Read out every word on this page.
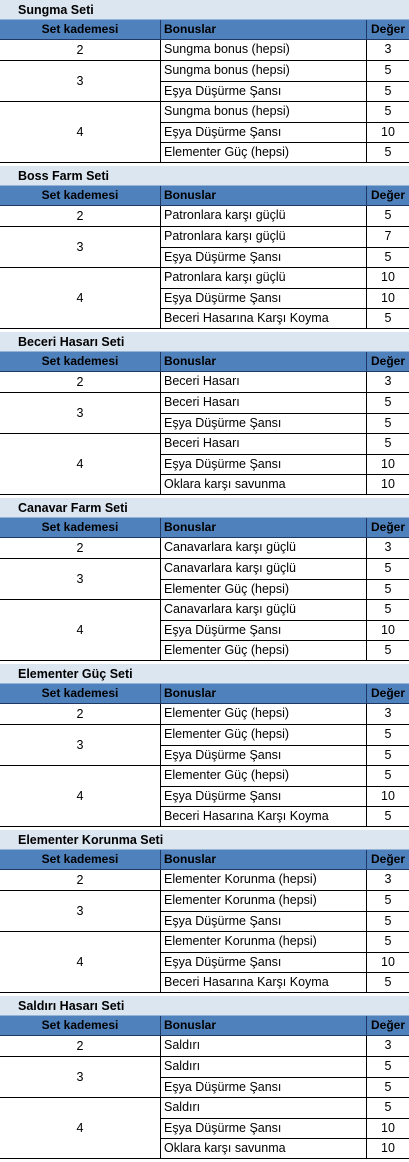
Sungma Seti
Set kademesi	Bonuslar	Değer
2	Sungma bonus (hepsi)	3
3
Sungma bonus (hepsi)	5
Eşya Düşürme Şansı	5
4
Sungma bonus (hepsi)	5
Eşya Düşürme Şansı	10
Elementer Güç (hepsi)	5
Boss Farm Seti
Set kademesi	Bonuslar	Değer
2	Patronlara karşı güçlü	5
3
Patronlara karşı güçlü	7
Eşya Düşürme Şansı	5
4
Patronlara karşı güçlü	10
Eşya Düşürme Şansı	10
Beceri Hasarına Karşı Koyma	5
Beceri Hasarı Seti
Set kademesi	Bonuslar	Değer
2	Beceri Hasarı	3
3
Beceri Hasarı	5
Eşya Düşürme Şansı	5
4
Beceri Hasarı	5
Eşya Düşürme Şansı	10
Oklara karşı savunma	10
Canavar Farm Seti
Set kademesi	Bonuslar	Değer
2	Canavarlara karşı güçlü	3
3
Canavarlara karşı güçlü	5
Elementer Güç (hepsi)	5
4
Canavarlara karşı güçlü	5
Eşya Düşürme Şansı	10
Elementer Güç (hepsi)	5
Elementer Güç Seti
Set kademesi	Bonuslar	Değer
2	Elementer Güç (hepsi)	3
3
Elementer Güç (hepsi)	5
Eşya Düşürme Şansı	5
4
Elementer Güç (hepsi)	5
Eşya Düşürme Şansı	10
Beceri Hasarına Karşı Koyma	5
Elementer Korunma Seti
Set kademesi	Bonuslar	Değer
2	Elementer Korunma (hepsi)	3
3
Elementer Korunma (hepsi)	5
Eşya Düşürme Şansı	5
4
Elementer Korunma (hepsi)	5
Eşya Düşürme Şansı	10
Beceri Hasarına Karşı Koyma	5
Saldırı Hasarı Seti
Set kademesi	Bonuslar	Değer
2	Saldırı	3
3
Saldırı	5
Eşya Düşürme Şansı	5
4
Saldırı	5
Eşya Düşürme Şansı	10
Oklara karşı savunma	10
